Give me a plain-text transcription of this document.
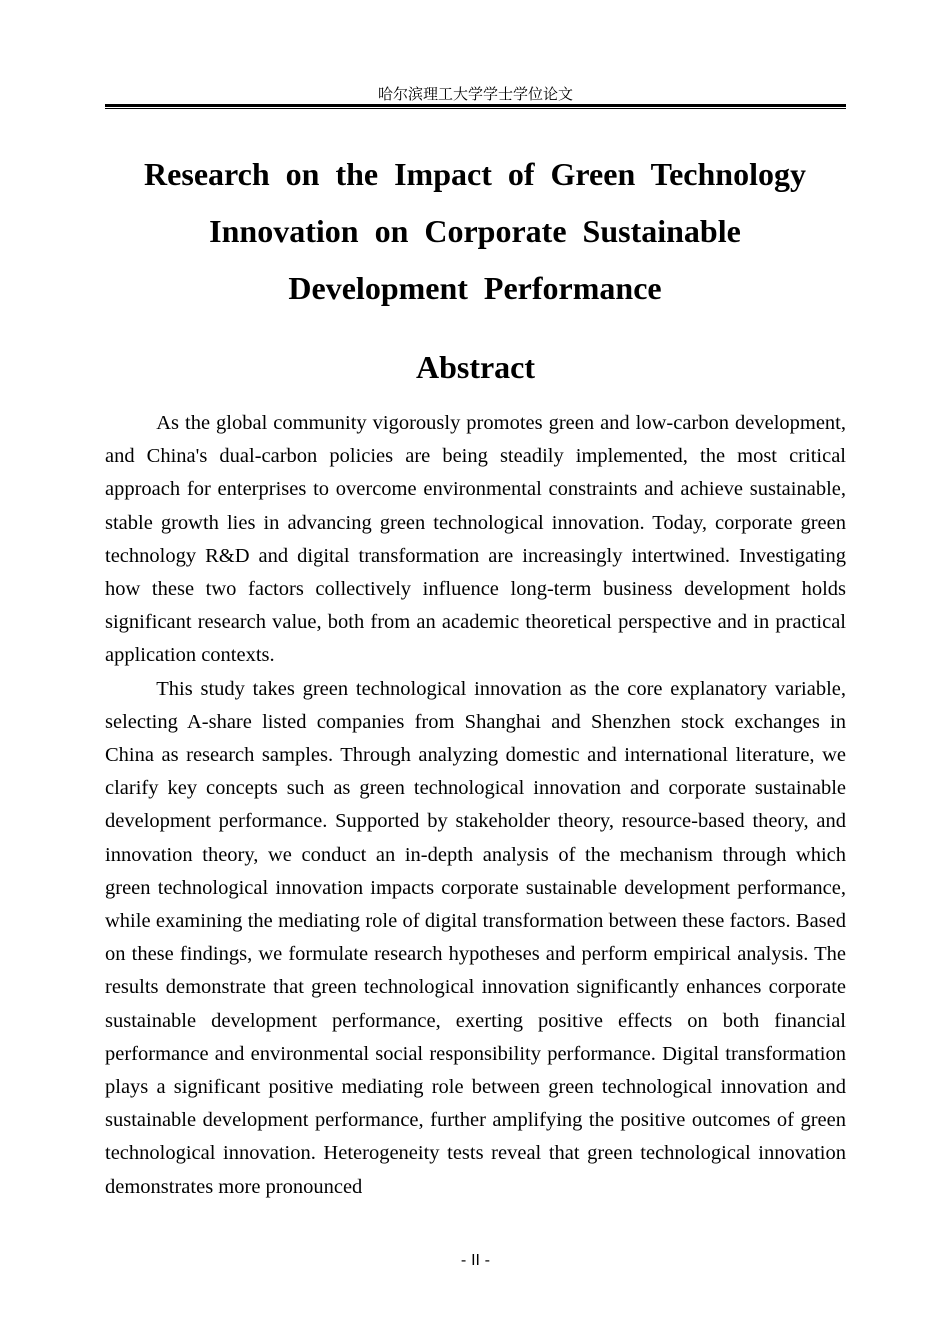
哈尔滨理工大学学士学位论文
Research on the Impact of Green Technology
Innovation on Corporate Sustainable
Development Performance
Abstract

As the global community vigorously promotes green and low-carbon development, and China's dual-carbon policies are being steadily implemented, the most critical approach for enterprises to overcome environmental constraints and achieve sustainable, stable growth lies in advancing green technological innovation. Today, corporate green technology R&D and digital transformation are increasingly intertwined. Investigating how these two factors collectively influence long-term business development holds significant research value, both from an academic theoretical perspective and in practical application contexts.

This study takes green technological innovation as the core explanatory variable, selecting A-share listed companies from Shanghai and Shenzhen stock exchanges in China as research samples. Through analyzing domestic and international literature, we clarify key concepts such as green technological innovation and corporate sustainable development performance. Supported by stakeholder theory, resource-based theory, and innovation theory, we conduct an in-depth analysis of the mechanism through which green technological innovation impacts corporate sustainable development performance, while examining the mediating role of digital transformation between these factors. Based on these findings, we formulate research hypotheses and perform empirical analysis. The results demonstrate that green technological innovation significantly enhances corporate sustainable development performance, exerting positive effects on both financial performance and environmental social responsibility performance. Digital transformation plays a significant positive mediating role between green technological innovation and sustainable development performance, further amplifying the positive outcomes of green technological innovation. Heterogeneity tests reveal that green technological innovation demonstrates more pronounced

- II -
